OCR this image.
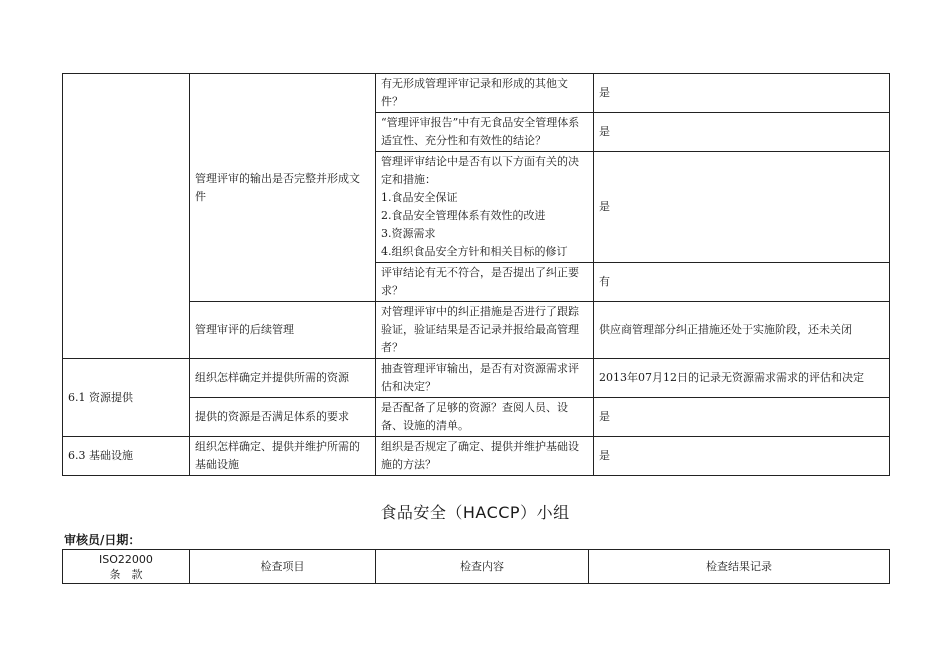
	管理评审的输出是否完整并形成文件	有无形成管理评审记录和形成的其他文件？	是
		“管理评审报告”中有无食品安全管理体系适宜性、充分性和有效性的结论？	是
		管理评审结论中是否有以下方面有关的决定和措施：
1.食品安全保证
2.食品安全管理体系有效性的改进
3.资源需求
4.组织食品安全方针和相关目标的修订	是
		评审结论有无不符合，是否提出了纠正要求？	有
	管理审评的后续管理	对管理评审中的纠正措施是否进行了跟踪验证，验证结果是否记录并报给最高管理者？	供应商管理部分纠正措施还处于实施阶段，还未关闭
6.1 资源提供	组织怎样确定并提供所需的资源	抽查管理评审输出，是否有对资源需求评估和决定？	2013年07月12日的记录无资源需求需求的评估和决定
	提供的资源是否满足体系的要求	是否配备了足够的资源？查阅人员、设备、设施的清单。	是
6.3 基础设施	组织怎样确定、提供并维护所需的基础设施	组织是否规定了确定、提供并维护基础设施的方法？	是
食品安全（HACCP）小组
审核员/日期：
ISO22000
条　款	检查项目	检查内容	检查结果记录
